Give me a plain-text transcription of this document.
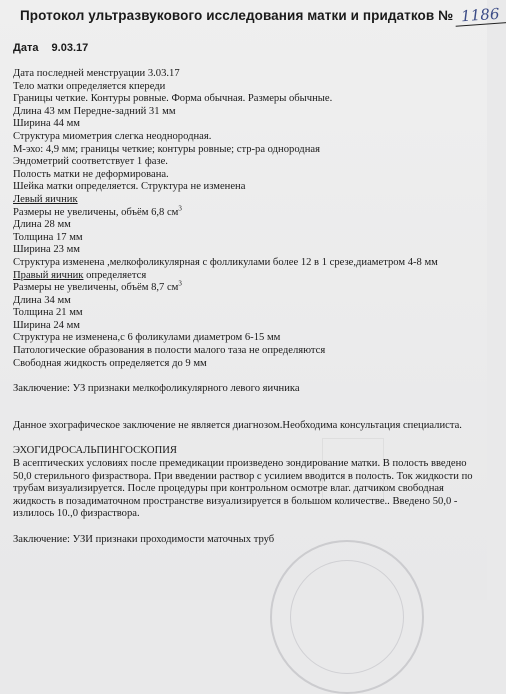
Протокол ультразвукового исследования матки и придатков № 1186
Дата 9.03.17
Дата последней менструации 3.03.17
Тело матки определяется кпереди
Границы четкие. Контуры ровные. Форма обычная. Размеры обычные.
Длина 43 мм Передне-задний 31 мм
Ширина 44 мм
Структура миометрия слегка неоднородная.
М-эхо: 4,9 мм; границы четкие; контуры ровные; стр-ра однородная
Эндометрий соответствует 1 фазе.
Полость матки не деформирована.
Шейка матки определяется. Структура не изменена
Левый яичник
Размеры не увеличены, объём 6,8 $см^3$
Длина 28 мм
Толщина 17 мм
Ширина 23 мм
Структура изменена ,мелкофоликулярная с фолликулами более 12 в 1 срезе,диаметром 4-8 мм
Правый яичник определяется
Размеры не увеличены, объём 8,7 $см^3$
Длина 34 мм
Толщина 21 мм
Ширина 24 мм
Структура не изменена,с 6 фоликулами диаметром 6-15 мм
Патологические образования в полости малого таза не определяются
Свободная жидкость определяется до 9 мм
Заключение: УЗ признаки мелкофоликулярного левого яичника
Данное эхографическое заключение не является диагнозом.Необходима консультация специалиста.
ЭХОГИДРОСАЛЬПИНГОСКОПИЯ
В асептических условиях после премедикации произведено зондирование матки. В полость введено 50,0 стерильного физраствора. При введении раствор с усилием вводится в полость. Ток жидкости по трубам визуализируется. После процедуры при контрольном осмотре влаг. датчиком свободная жидкость в позадиматочном пространстве визуализируется в большом количестве.. Введено 50,0 - излилось 10.,0 физраствора.
Заключение: УЗИ признаки проходимости маточных труб
